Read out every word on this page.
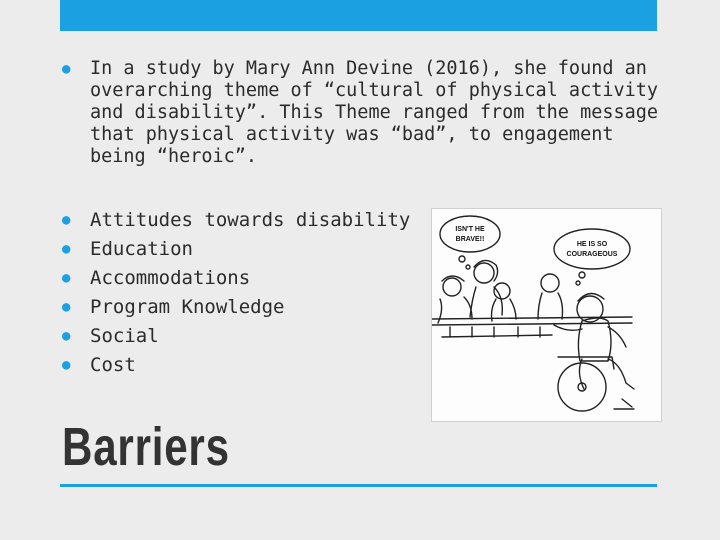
●	In a study by Mary Ann Devine (2016), she found an overarching theme of “cultural of physical activity and disability”. This Theme ranged from the message that physical activity was “bad”, to engagement being “heroic”.

●	Attitudes towards disability
●	Education
●	Accommodations
●	Program Knowledge
●	Social
●	Cost
ISN'T HE
BRAVE!!
HE IS SO
COURAGEOUS
Barriers
